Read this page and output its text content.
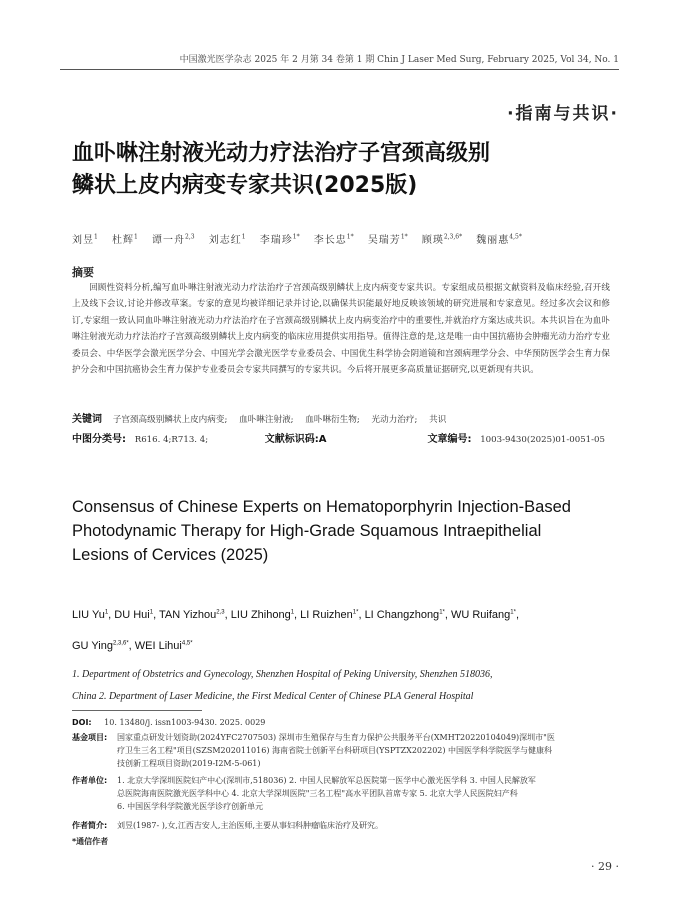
中国激光医学杂志 2025 年 2 月第 34 卷第 1 期 Chin J Laser Med Surg, February 2025, Vol 34, No. 1
·指南与共识·
血卟啉注射液光动力疗法治疗子宫颈高级别
鳞状上皮内病变专家共识(2025版)
刘昱$^1$ 杜辉$^1$ 谭一舟$^{2,3}$ 刘志红$^1$ 李瑞珍$^{1*}$ 李长忠$^{1*}$ 吴瑞芳$^{1*}$ 顾瑛$^{2,3,6*}$ 魏丽惠$^{4,5*}$
摘要
回顾性资料分析,编写血卟啉注射液光动力疗法治疗子宫颈高级别鳞状上皮内病变专家共识。专家组成员根据文献资料及临床经验,召开线上及线下会议,讨论并修改草案。专家的意见均被详细记录并讨论,以确保共识能最好地反映该领域的研究进展和专家意见。经过多次会议和修订,专家组一致认同血卟啉注射液光动力疗法治疗在子宫颈高级别鳞状上皮内病变治疗中的重要性,并就治疗方案达成共识。本共识旨在为血卟啉注射液光动力疗法治疗子宫颈高级别鳞状上皮内病变的临床应用提供实用指导。值得注意的是,这是唯一由中国抗癌协会肿瘤光动力治疗专业委员会、中华医学会激光医学分会、中国光学会激光医学专业委员会、中国优生科学协会阴道镜和宫颈病理学分会、中华预防医学会生育力保护分会和中国抗癌协会生育力保护专业委员会专家共同撰写的专家共识。今后将开展更多高质量证据研究,以更新现有共识。
关键词 子宫颈高级别鳞状上皮内病变; 血卟啉注射液; 血卟啉衍生物; 光动力治疗; 共识
中图分类号: R616. 4;R713. 4;	文献标识码:A	文章编号: 1003-9430(2025)01-0051-05
Consensus of Chinese Experts on Hematoporphyrin Injection-Based
Photodynamic Therapy for High-Grade Squamous Intraepithelial
Lesions of Cervices (2025)
LIU Yu$^1$, DU Hui$^1$, TAN Yizhou$^{2,3}$, LIU Zhihong$^1$, LI Ruizhen$^{1*}$, LI Changzhong$^{1*}$, WU Ruifang$^{1*}$,
GU Ying$^{2,3,6*}$, WEI Lihui$^{4,5*}$
1. Department of Obstetrics and Gynecology, Shenzhen Hospital of Peking University, Shenzhen 518036,
China 2. Department of Laser Medicine, the First Medical Center of Chinese PLA General Hospital
DOI: 10. 13480/j. issn1003-9430. 2025. 0029
基金项目: 国家重点研发计划资助(2024YFC2707503) 深圳市生殖保存与生育力保护公共服务平台(XMHT20220104049)深圳市"医
疗卫生三名工程"项目(SZSM202011016) 海南省院士创新平台科研项目(YSPTZX202202) 中国医学科学院医学与健康科
技创新工程项目资助(2019-I2M-5-061)
作者单位: 1. 北京大学深圳医院妇产中心(深圳市,518036) 2. 中国人民解放军总医院第一医学中心激光医学科 3. 中国人民解放军
总医院海南医院激光医学科中心 4. 北京大学深圳医院"三名工程"高水平团队首席专家 5. 北京大学人民医院妇产科
6. 中国医学科学院激光医学诊疗创新单元
作者简介: 刘昱(1987- ),女,江西吉安人,主治医师,主要从事妇科肿瘤临床治疗及研究。
*通信作者
· 29 ·
